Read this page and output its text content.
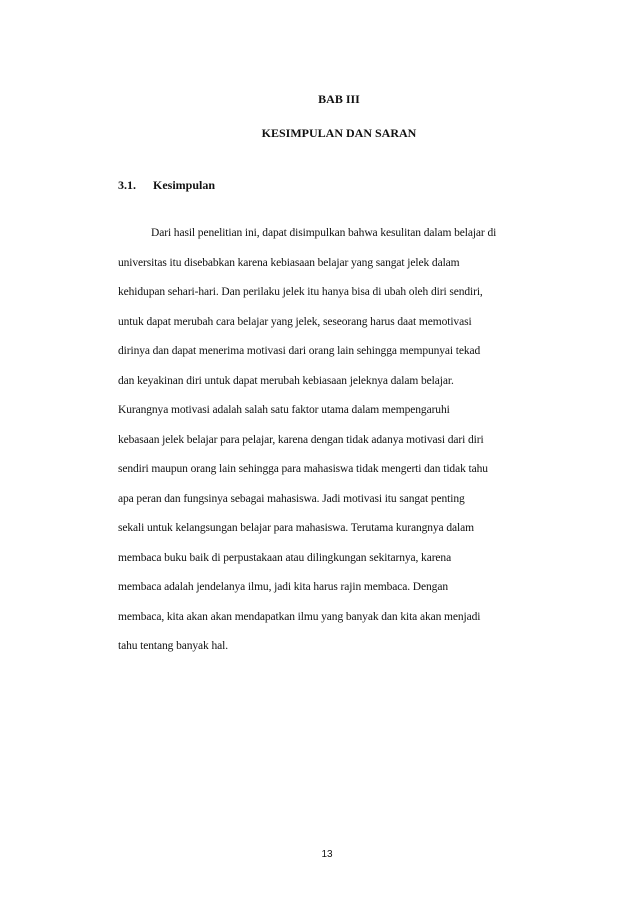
BAB III

KESIMPULAN DAN SARAN

3.1. Kesimpulan

Dari hasil penelitian ini, dapat disimpulkan bahwa kesulitan dalam belajar di
universitas itu disebabkan karena kebiasaan belajar yang sangat jelek dalam
kehidupan sehari-hari. Dan perilaku jelek itu hanya bisa di ubah oleh diri sendiri,
untuk dapat merubah cara belajar yang jelek, seseorang harus daat memotivasi
dirinya dan dapat menerima motivasi dari orang lain sehingga mempunyai tekad
dan keyakinan diri untuk dapat merubah kebiasaan jeleknya dalam belajar.
Kurangnya motivasi adalah salah satu faktor utama dalam mempengaruhi
kebasaan jelek belajar para pelajar, karena dengan tidak adanya motivasi dari diri
sendiri maupun orang lain sehingga para mahasiswa tidak mengerti dan tidak tahu
apa peran dan fungsinya sebagai mahasiswa. Jadi motivasi itu sangat penting
sekali untuk kelangsungan belajar para mahasiswa. Terutama kurangnya dalam
membaca buku baik di perpustakaan atau dilingkungan sekitarnya, karena
membaca adalah jendelanya ilmu, jadi kita harus rajin membaca. Dengan
membaca, kita akan akan mendapatkan ilmu yang banyak dan kita akan menjadi
tahu tentang banyak hal.
13
